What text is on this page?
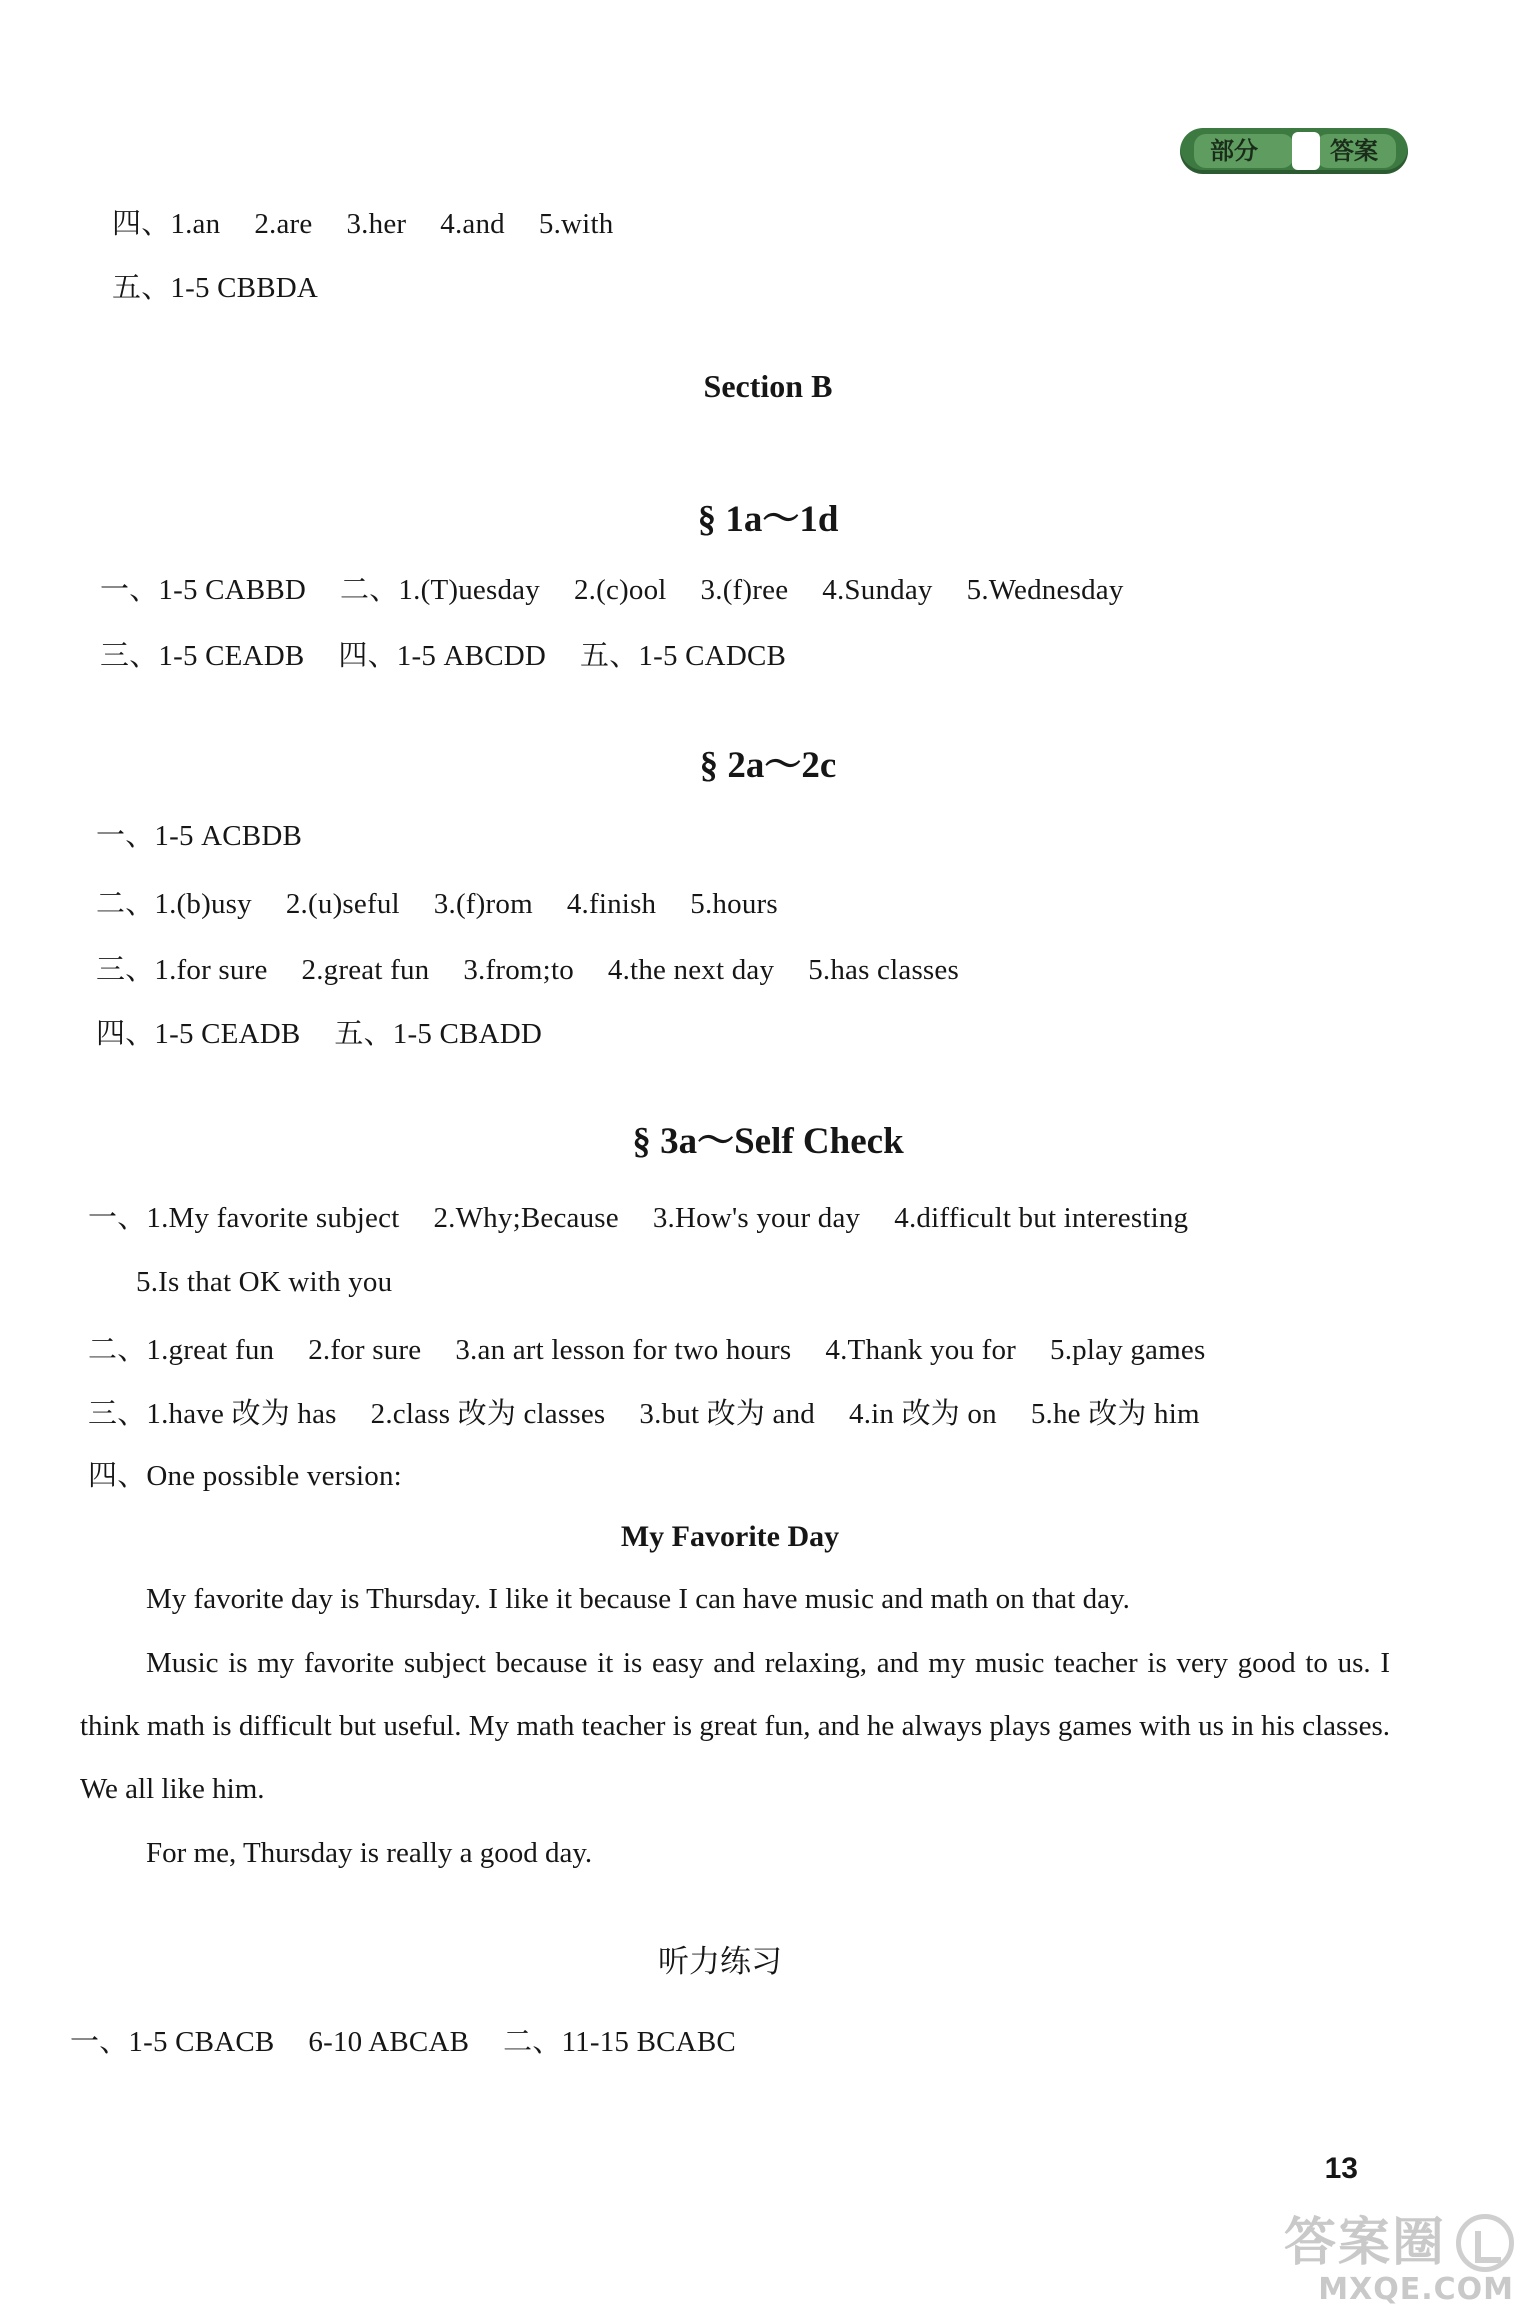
部分	答案
四、1.an 2.are 3.her 4.and 5.with
五、1-5 CBBDA
Section B
§ 1a～1d
一、1-5 CABBD 二、1.(T)uesday 2.(c)ool 3.(f)ree 4.Sunday 5.Wednesday
三、1-5 CEADB 四、1-5 ABCDD 五、1-5 CADCB
§ 2a～2c
一、1-5 ACBDB
二、1.(b)usy 2.(u)seful 3.(f)rom 4.finish 5.hours
三、1.for sure 2.great fun 3.from;to 4.the next day 5.has classes
四、1-5 CEADB 五、1-5 CBADD
§ 3a～Self Check
一、1.My favorite subject 2.Why;Because 3.How's your day 4.difficult but interesting
5.Is that OK with you
二、1.great fun 2.for sure 3.an art lesson for two hours 4.Thank you for 5.play games
三、1.have 改为 has 2.class 改为 classes 3.but 改为 and 4.in 改为 on 5.he 改为 him
四、One possible version:
My Favorite Day
My favorite day is Thursday. I like it because I can have music and math on that day.
Music is my favorite subject because it is easy and relaxing, and my music teacher is very good to us. I think math is difficult but useful. My math teacher is great fun, and he always plays games with us in his classes. We all like him.
For me, Thursday is really a good day.
听力练习
一、1-5 CBACB 6-10 ABCAB 二、11-15 BCABC
13
答案圈
MXQE.COM
